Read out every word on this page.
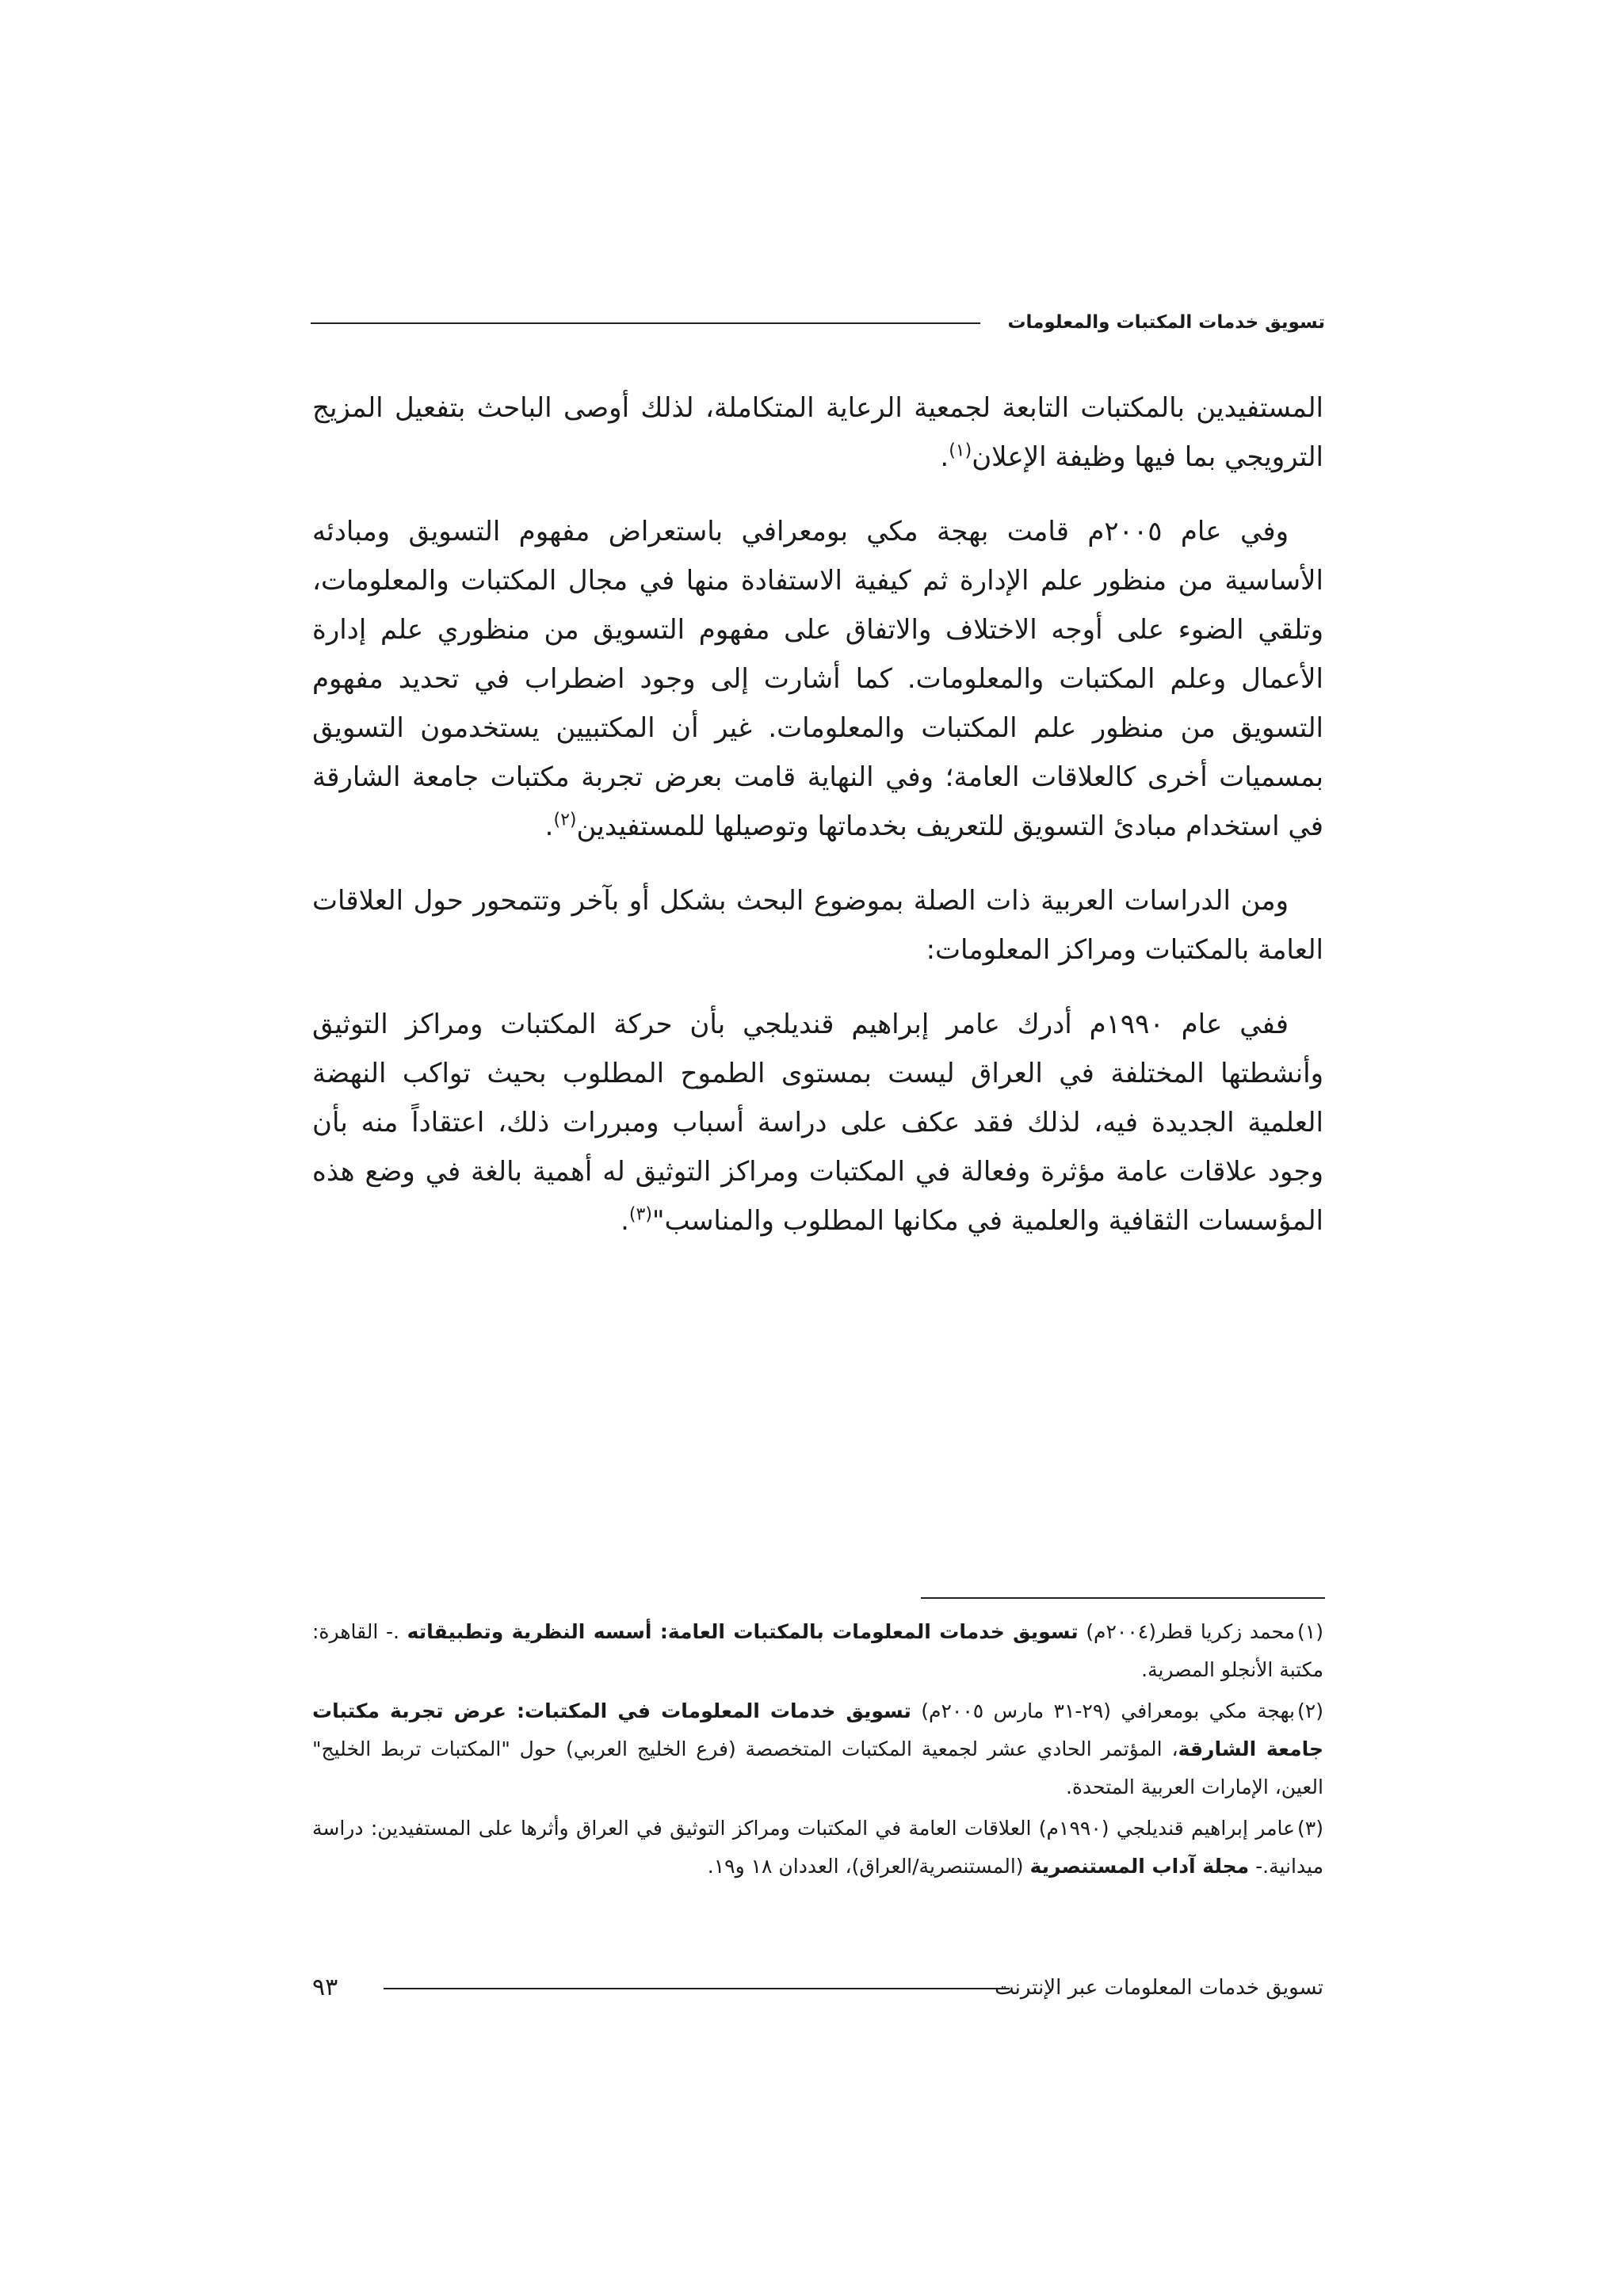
تسويق خدمات المكتبات والمعلومات

المستفيدين بالمكتبات التابعة لجمعية الرعاية المتكاملة، لذلك أوصى الباحث بتفعيل المزيج الترويجي بما فيها وظيفة الإعلان$^{(١)}$.

وفي عام ٢٠٠٥م قامت بهجة مكي بومعرافي باستعراض مفهوم التسويق ومبادئه الأساسية من منظور علم الإدارة ثم كيفية الاستفادة منها في مجال المكتبات والمعلومات، وتلقي الضوء على أوجه الاختلاف والاتفاق على مفهوم التسويق من منظوري علم إدارة الأعمال وعلم المكتبات والمعلومات. كما أشارت إلى وجود اضطراب في تحديد مفهوم التسويق من منظور علم المكتبات والمعلومات. غير أن المكتبيين يستخدمون التسويق بمسميات أخرى كالعلاقات العامة؛ وفي النهاية قامت بعرض تجربة مكتبات جامعة الشارقة في استخدام مبادئ التسويق للتعريف بخدماتها وتوصيلها للمستفيدين$^{(٢)}$.

ومن الدراسات العربية ذات الصلة بموضوع البحث بشكل أو بآخر وتتمحور حول العلاقات العامة بالمكتبات ومراكز المعلومات:

ففي عام ١٩٩٠م أدرك عامر إبراهيم قنديلجي بأن حركة المكتبات ومراكز التوثيق وأنشطتها المختلفة في العراق ليست بمستوى الطموح المطلوب بحيث تواكب النهضة العلمية الجديدة فيه، لذلك فقد عكف على دراسة أسباب ومبررات ذلك، اعتقاداً منه بأن وجود علاقات عامة مؤثرة وفعالة في المكتبات ومراكز التوثيق له أهمية بالغة في وضع هذه المؤسسات الثقافية والعلمية في مكانها المطلوب والمناسب"$^{(٣)}$.

(١)محمد زكريا قطر(٢٠٠٤م) تسويق خدمات المعلومات بالمكتبات العامة: أسسه النظرية وتطبيقاته .- القاهرة: مكتبة الأنجلو المصرية.
(٢)بهجة مكي بومعرافي (٢٩-٣١ مارس ٢٠٠٥م) تسويق خدمات المعلومات في المكتبات: عرض تجربة مكتبات جامعة الشارقة، المؤتمر الحادي عشر لجمعية المكتبات المتخصصة (فرع الخليج العربي) حول "المكتبات تربط الخليج" العين، الإمارات العربية المتحدة.
(٣)عامر إبراهيم قنديلجي (١٩٩٠م) العلاقات العامة في المكتبات ومراكز التوثيق في العراق وأثرها على المستفيدين: دراسة ميدانية.- مجلة آداب المستنصرية (المستنصرية/العراق)، العددان ١٨ و١٩.
تسويق خدمات المعلومات عبر الإنترنت
٩٣
